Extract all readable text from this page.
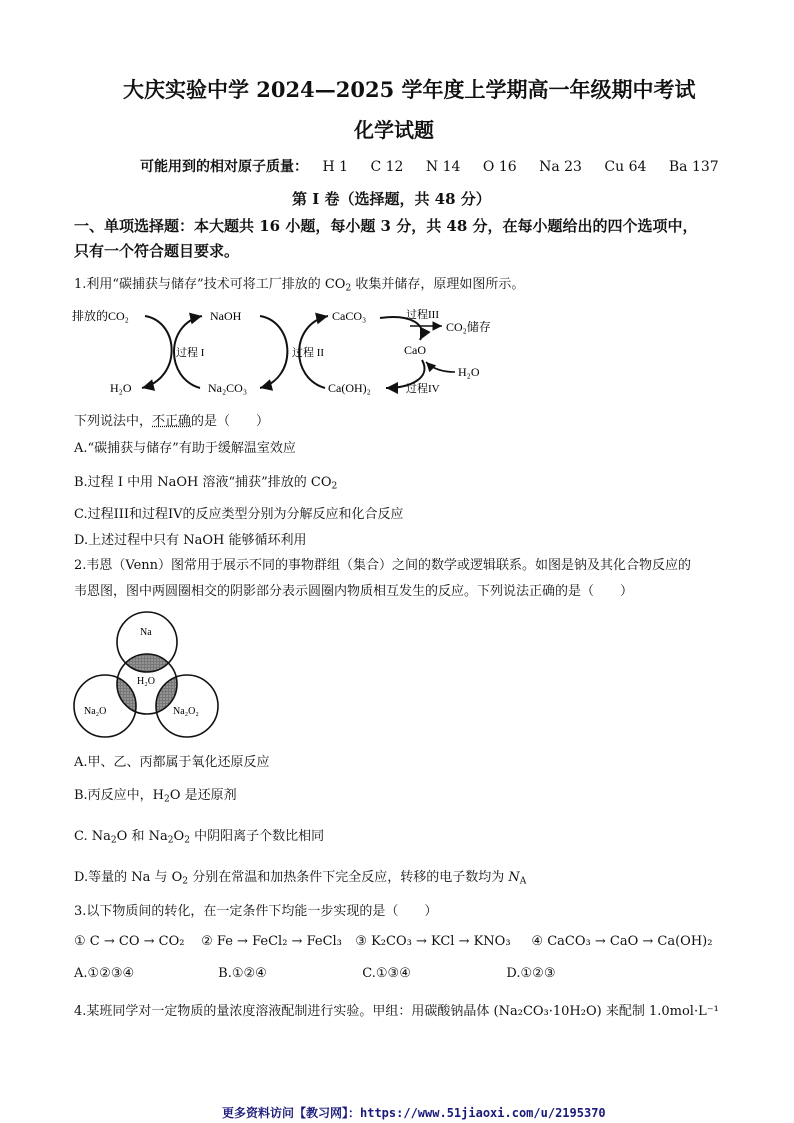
大庆实验中学 2024—2025 学年度上学期高一年级期中考试
化学试题
可能用到的相对原子质量： H 1 C 12 N 14 O 16 Na 23 Cu 64 Ba 137
第 I 卷（选择题，共 48 分）
一、单项选择题：本大题共 16 小题，每小题 3 分，共 48 分，在每小题给出的四个选项中，
只有一个符合题目要求。
1.利用“碳捕获与储存”技术可将工厂排放的 $CO_2$ 收集并储存，原理如图所示。
排放的CO₂
H₂O
过程 I
NaOH
Na₂CO₃
过程 II
CaCO₃
Ca(OH)₂
过程III
CO₂储存
CaO
H₂O
过程IV
下列说法中，不正确的是（　　）
A.“碳捕获与储存”有助于缓解温室效应
B.过程 I 中用 NaOH 溶液“捕获”排放的 $CO_2$
C.过程III和过程IV的反应类型分别为分解反应和化合反应
D.上述过程中只有 NaOH 能够循环利用
2.韦恩（Venn）图常用于展示不同的事物群组（集合）之间的数学或逻辑联系。如图是钠及其化合物反应的
韦恩图，图中两圆圈相交的阴影部分表示圆圈内物质相互发生的反应。下列说法正确的是（　　）
Na
H₂O
Na₂O	Na₂O₂
A.甲、乙、丙都属于氧化还原反应
B.丙反应中，$H_2O$ 是还原剂
C. $Na_2O$ 和 $Na_2O_2$ 中阴阳离子个数比相同
D.等量的 Na 与 $O_2$ 分别在常温和加热条件下完全反应，转移的电子数均为 $N_A$
3.以下物质间的转化，在一定条件下均能一步实现的是（　　）
① C → CO → CO₂ ② Fe → FeCl₂ → FeCl₃ ③ K₂CO₃ → KCl → KNO₃ ④ CaCO₃ → CaO → Ca(OH)₂
A.①②③④	B.①②④	C.①③④	D.①②③
4.某班同学对一定物质的量浓度溶液配制进行实验。甲组：用碳酸钠晶体 (Na₂CO₃·10H₂O) 来配制 1.0mol·L⁻¹
更多资料访问【教习网】：https://www.51jiaoxi.com/u/2195370
